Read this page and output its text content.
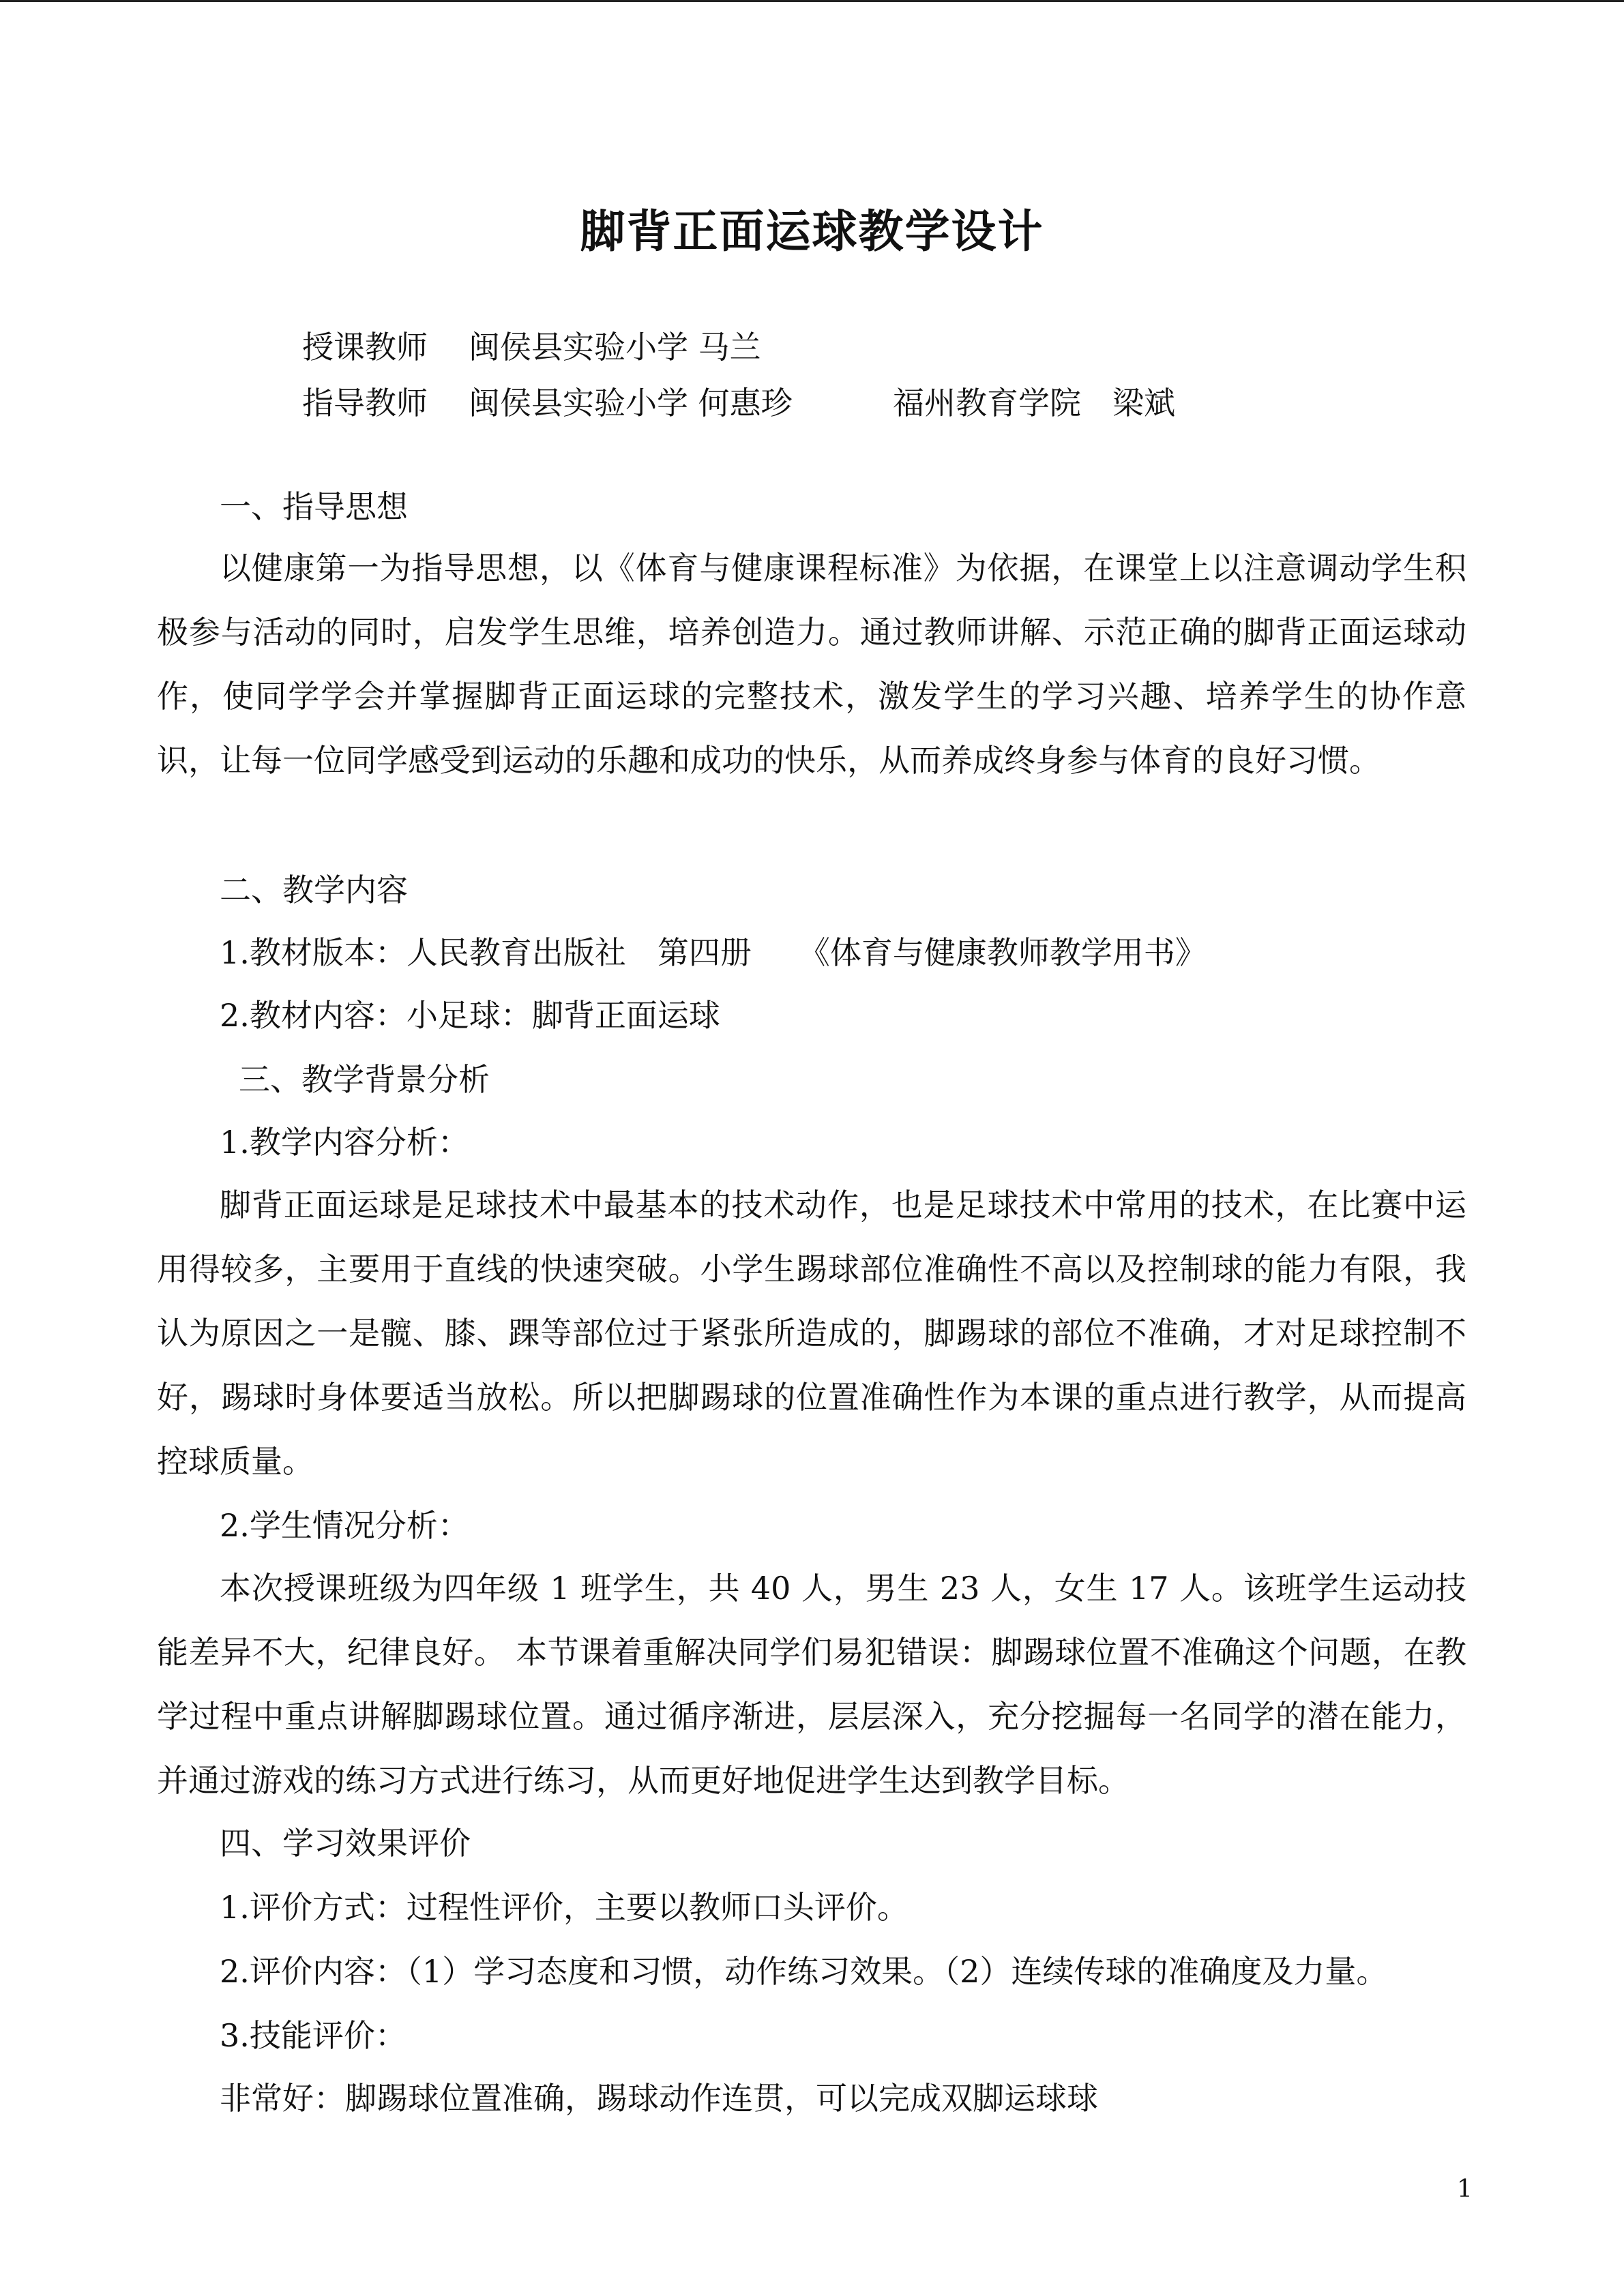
脚背正面运球教学设计
授课教师 闽侯县实验小学 马兰
指导教师 闽侯县实验小学 何惠珍	福州教育学院　梁斌
一、指导思想

以健康第一为指导思想，以《体育与健康课程标准》为依据，在课堂上以注意调动学生积极参与活动的同时，启发学生思维，培养创造力。通过教师讲解、示范正确的脚背正面运球动作，使同学学会并掌握脚背正面运球的完整技术，激发学生的学习兴趣、培养学生的协作意识，让每一位同学感受到运动的乐趣和成功的快乐，从而养成终身参与体育的良好习惯。

二、教学内容
1.教材版本：人民教育出版社　第四册　　《体育与健康教师教学用书》
2.教材内容：小足球：脚背正面运球
三、教学背景分析
1.教学内容分析：

脚背正面运球是足球技术中最基本的技术动作，也是足球技术中常用的技术，在比赛中运用得较多，主要用于直线的快速突破。小学生踢球部位准确性不高以及控制球的能力有限，我认为原因之一是髋、膝、踝等部位过于紧张所造成的，脚踢球的部位不准确，才对足球控制不好，踢球时身体要适当放松。所以把脚踢球的位置准确性作为本课的重点进行教学，从而提高控球质量。

2.学生情况分析：

本次授课班级为四年级 1 班学生，共 40 人，男生 23 人，女生 17 人。该班学生运动技能差异不大，纪律良好。 本节课着重解决同学们易犯错误：脚踢球位置不准确这个问题，在教学过程中重点讲解脚踢球位置。通过循序渐进，层层深入，充分挖掘每一名同学的潜在能力，并通过游戏的练习方式进行练习，从而更好地促进学生达到教学目标。

四、学习效果评价
1.评价方式：过程性评价，主要以教师口头评价。
2.评价内容：（1）学习态度和习惯，动作练习效果。（2）连续传球的准确度及力量。
3.技能评价：
非常好：脚踢球位置准确，踢球动作连贯，可以完成双脚运球球
1
